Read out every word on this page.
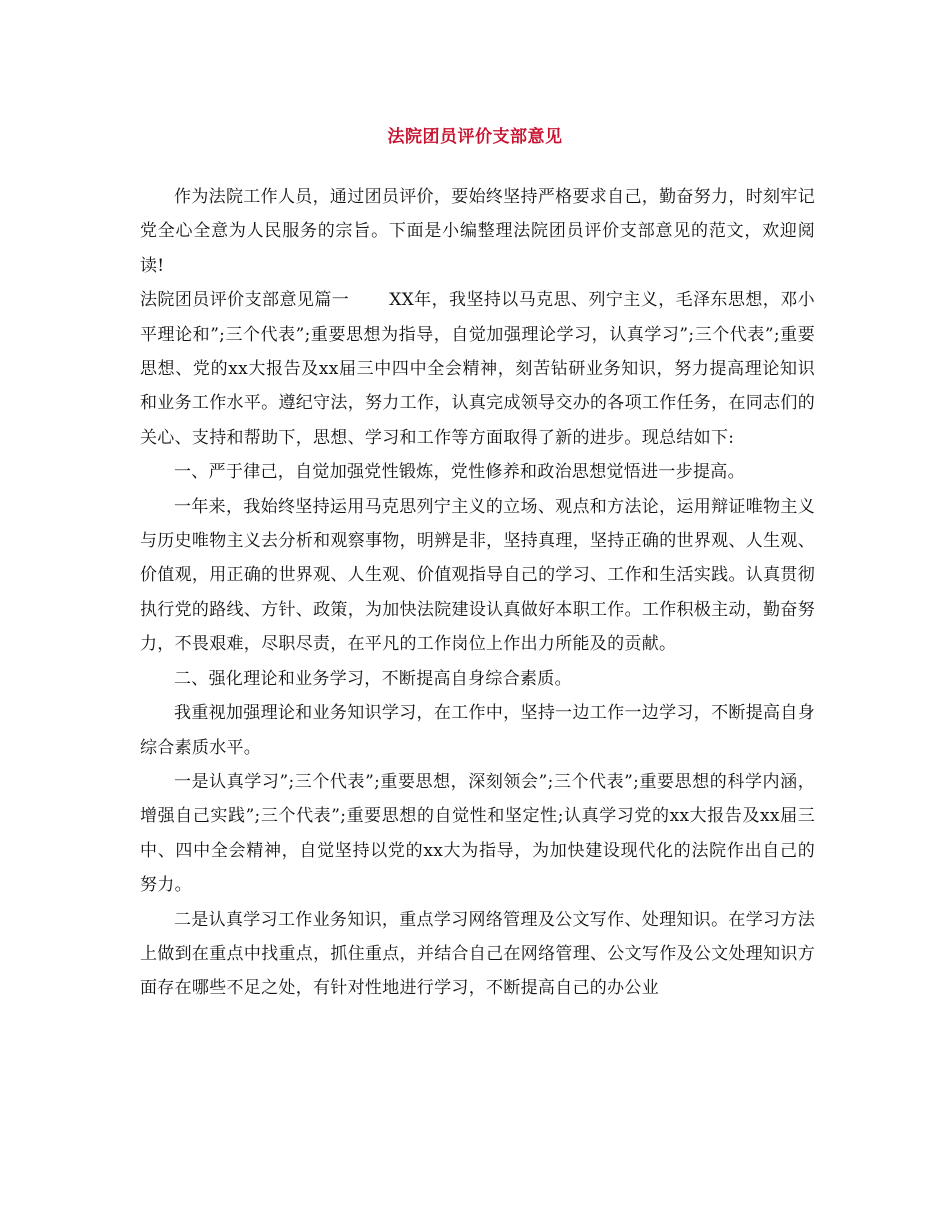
法院团员评价支部意见

作为法院工作人员，通过团员评价，要始终坚持严格要求自己，勤奋努力，时刻牢记党全心全意为人民服务的宗旨。下面是小编整理法院团员评价支部意见的范文，欢迎阅读!

法院团员评价支部意见篇一 XX年，我坚持以马克思、列宁主义，毛泽东思想，邓小平理论和”;三个代表”;重要思想为指导，自觉加强理论学习，认真学习”;三个代表”;重要思想、党的xx大报告及xx届三中四中全会精神，刻苦钻研业务知识，努力提高理论知识和业务工作水平。遵纪守法，努力工作，认真完成领导交办的各项工作任务，在同志们的关心、支持和帮助下，思想、学习和工作等方面取得了新的进步。现总结如下:

一、严于律己，自觉加强党性锻炼，党性修养和政治思想觉悟进一步提高。

一年来，我始终坚持运用马克思列宁主义的立场、观点和方法论，运用辩证唯物主义与历史唯物主义去分析和观察事物，明辨是非，坚持真理，坚持正确的世界观、人生观、价值观，用正确的世界观、人生观、价值观指导自己的学习、工作和生活实践。认真贯彻执行党的路线、方针、政策，为加快法院建设认真做好本职工作。工作积极主动，勤奋努力，不畏艰难，尽职尽责，在平凡的工作岗位上作出力所能及的贡献。

二、强化理论和业务学习，不断提高自身综合素质。

我重视加强理论和业务知识学习，在工作中，坚持一边工作一边学习，不断提高自身综合素质水平。

一是认真学习”;三个代表”;重要思想，深刻领会”;三个代表”;重要思想的科学内涵，增强自己实践”;三个代表”;重要思想的自觉性和坚定性;认真学习党的xx大报告及xx届三中、四中全会精神，自觉坚持以党的xx大为指导，为加快建设现代化的法院作出自己的努力。

二是认真学习工作业务知识，重点学习网络管理及公文写作、处理知识。在学习方法上做到在重点中找重点，抓住重点，并结合自己在网络管理、公文写作及公文处理知识方面存在哪些不足之处，有针对性地进行学习，不断提高自己的办公业
